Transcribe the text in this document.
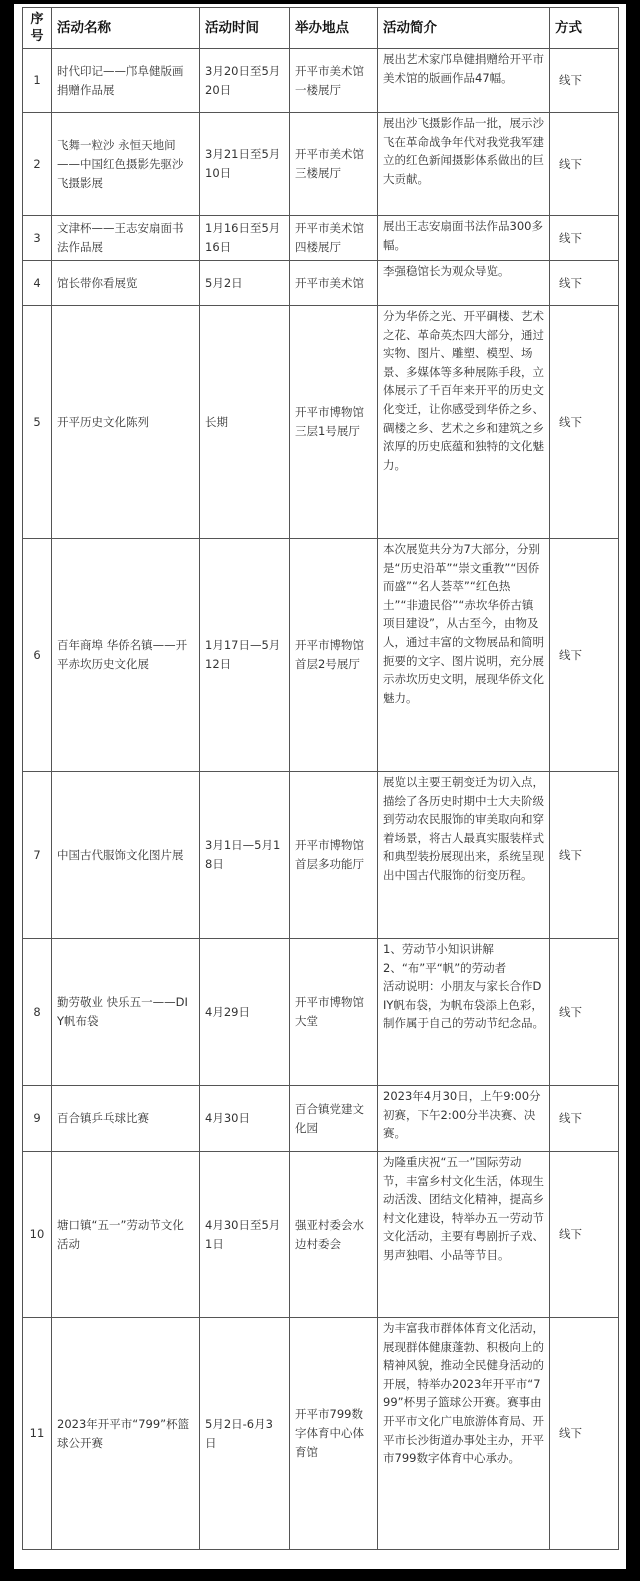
序
号	活动名称	活动时间	举办地点	活动简介	方式
1	时代印记——邝阜健版画捐赠作品展	3月20日至5月20日	开平市美术馆一楼展厅	展出艺术家邝阜健捐赠给开平市美术馆的版画作品47幅。	线下
2	飞舞一粒沙 永恒天地间
——中国红色摄影先驱沙飞摄影展	3月21日至5月10日	开平市美术馆三楼展厅	展出沙飞摄影作品一批，展示沙飞在革命战争年代对我党我军建立的红色新闻摄影体系做出的巨大贡献。	线下
3	文津杯——王志安扇面书法作品展	1月16日至5月16日	开平市美术馆四楼展厅	展出王志安扇面书法作品300多幅。	线下
4	馆长带你看展览	5月2日	开平市美术馆	李强稳馆长为观众导览。	线下
5	开平历史文化陈列	长期	开平市博物馆三层1号展厅	分为华侨之光、开平碉楼、艺术之花、革命英杰四大部分，通过实物、图片、雕塑、模型、场景、多媒体等多种展陈手段，立体展示了千百年来开平的历史文化变迁，让你感受到华侨之乡、碉楼之乡、艺术之乡和建筑之乡浓厚的历史底蕴和独特的文化魅力。	线下
6	百年商埠 华侨名镇——开平赤坎历史文化展	1月17日—5月12日	开平市博物馆首层2号展厅	本次展览共分为7大部分，分别是“历史沿革”“崇文重教”“因侨而盛”“名人荟萃”“红色热土”“非遗民俗”“赤坎华侨古镇项目建设”，从古至今，由物及人，通过丰富的文物展品和简明扼要的文字、图片说明，充分展示赤坎历史文明，展现华侨文化魅力。	线下
7	中国古代服饰文化图片展	3月1日—5月18日	开平市博物馆首层多功能厅	展览以主要王朝变迁为切入点，描绘了各历史时期中士大夫阶级到劳动农民服饰的审美取向和穿着场景，将古人最真实服装样式和典型装扮展现出来，系统呈现出中国古代服饰的衍变历程。	线下
8	勤劳敬业 快乐五一——DIY帆布袋	4月29日	开平市博物馆大堂	1、劳动节小知识讲解
2、“布”平“帆”的劳动者
活动说明：小朋友与家长合作DIY帆布袋，为帆布袋添上色彩，制作属于自己的劳动节纪念品。	线下
9	百合镇乒乓球比赛	4月30日	百合镇党建文化园	2023年4月30日，上午9:00分初赛，下午2:00分半决赛、决赛。	线下
10	塘口镇“五一”劳动节文化活动	4月30日至5月1日	强亚村委会水边村委会	为隆重庆祝“五一”国际劳动节，丰富乡村文化生活，体现生动活泼、团结文化精神，提高乡村文化建设，特举办五一劳动节文化活动，主要有粤剧折子戏、男声独唱、小品等节目。	线下
11	2023年开平市“799”杯篮球公开赛	5月2日-6月3日	开平市799数字体育中心体育馆	为丰富我市群体体育文化活动，展现群体健康蓬勃、积极向上的精神风貌，推动全民健身活动的开展，特举办2023年开平市“799”杯男子篮球公开赛。赛事由开平市文化广电旅游体育局、开平市长沙街道办事处主办，开平市799数字体育中心承办。	线下
